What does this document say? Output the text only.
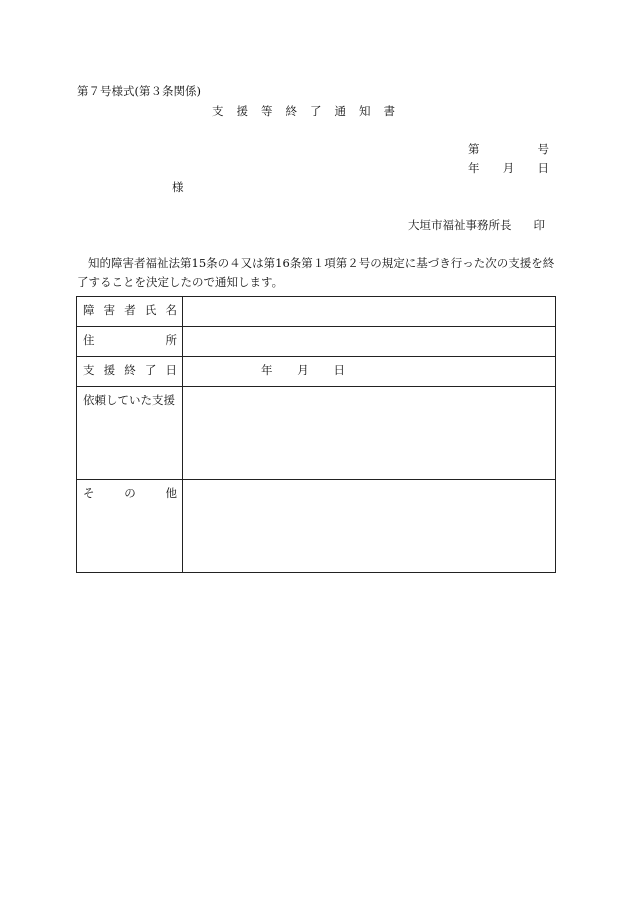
第７号様式(第３条関係)
支援等終了通知書
第	号
年 月 日
様
大垣市福祉事務所長 印
知的障害者福祉法第15条の４又は第16条第１項第２号の規定に基づき行った次の支援を終了することを決定したので通知します。
障 害 者 氏 名	

住 所	

支 援 終 了 日	年 月 日

依頼していた支援	

そ の 他	
